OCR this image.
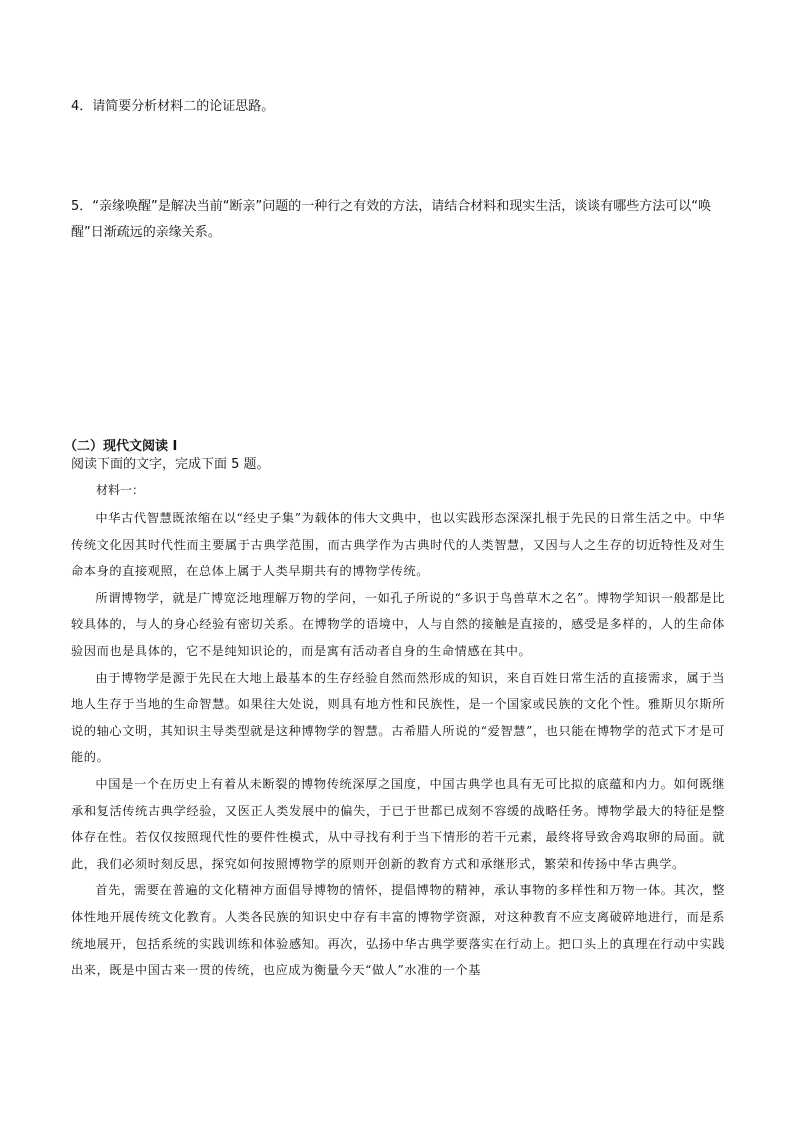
4．请简要分析材料二的论证思路。

5．“亲缘唤醒”是解决当前“断亲”问题的一种行之有效的方法，请结合材料和现实生活，谈谈有哪些方法可以“唤醒”日渐疏远的亲缘关系。

（二）现代文阅读 I

阅读下面的文字，完成下面 5 题。

材料一：

中华古代智慧既浓缩在以“经史子集”为载体的伟大文典中，也以实践形态深深扎根于先民的日常生活之中。中华传统文化因其时代性而主要属于古典学范围，而古典学作为古典时代的人类智慧，又因与人之生存的切近特性及对生命本身的直接观照，在总体上属于人类早期共有的博物学传统。

所谓博物学，就是广博宽泛地理解万物的学问，一如孔子所说的“多识于鸟兽草木之名”。博物学知识一般都是比较具体的，与人的身心经验有密切关系。在博物学的语境中，人与自然的接触是直接的，感受是多样的，人的生命体验因而也是具体的，它不是纯知识论的，而是寓有活动者自身的生命情感在其中。

由于博物学是源于先民在大地上最基本的生存经验自然而然形成的知识，来自百姓日常生活的直接需求，属于当地人生存于当地的生命智慧。如果往大处说，则具有地方性和民族性，是一个国家或民族的文化个性。雅斯贝尔斯所说的轴心文明，其知识主导类型就是这种博物学的智慧。古希腊人所说的“爱智慧”，也只能在博物学的范式下才是可能的。

中国是一个在历史上有着从未断裂的博物传统深厚之国度，中国古典学也具有无可比拟的底蕴和内力。如何既继承和复活传统古典学经验，又医正人类发展中的偏失，于已于世都已成刻不容缓的战略任务。博物学最大的特征是整体存在性。若仅仅按照现代性的要件性模式，从中寻找有利于当下情形的若干元素，最终将导致舍鸡取卵的局面。就此，我们必须时刻反思，探究如何按照博物学的原则开创新的教育方式和承继形式，繁荣和传扬中华古典学。

首先，需要在普遍的文化精神方面倡导博物的情怀，提倡博物的精神，承认事物的多样性和万物一体。其次，整体性地开展传统文化教育。人类各民族的知识史中存有丰富的博物学资源，对这种教育不应支离破碎地进行，而是系统地展开，包括系统的实践训练和体验感知。再次，弘扬中华古典学要落实在行动上。把口头上的真理在行动中实践出来，既是中国古来一贯的传统，也应成为衡量今天“做人”水准的一个基
